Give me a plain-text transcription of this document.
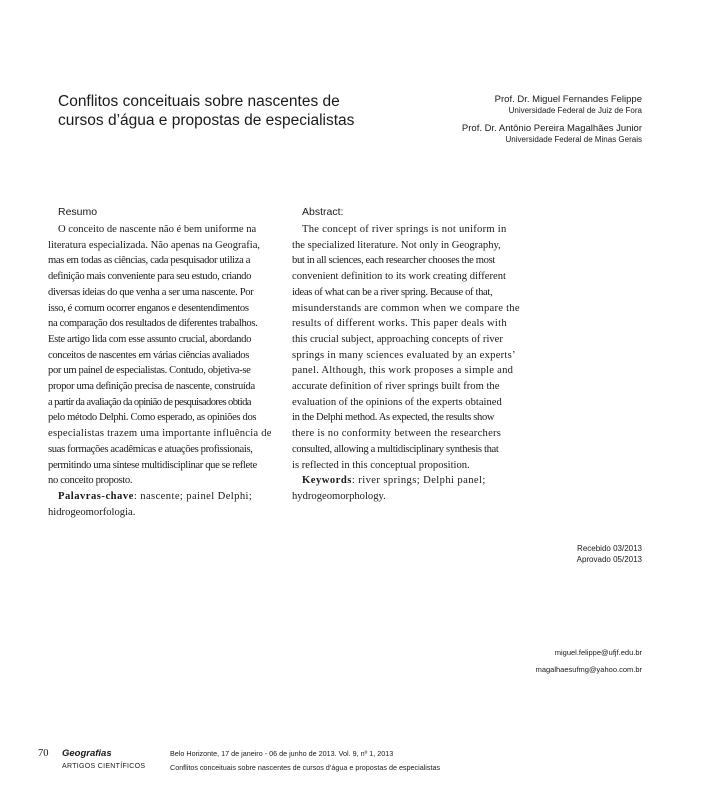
Conflitos conceituais sobre nascentes de
cursos d’água e propostas de especialistas
Prof. Dr. Miguel Fernandes Felippe
Universidade Federal de Juiz de Fora
Prof. Dr. Antônio Pereira Magalhães Junior
Universidade Federal de Minas Gerais
Resumo
O conceito de nascente não é bem uniforme na
literatura especializada. Não apenas na Geografia,
mas em todas as ciências, cada pesquisador utiliza a
definição mais conveniente para seu estudo, criando
diversas ideias do que venha a ser uma nascente. Por
isso, é comum ocorrer enganos e desentendimentos
na comparação dos resultados de diferentes trabalhos.
Este artigo lida com esse assunto crucial, abordando
conceitos de nascentes em várias ciências avaliados
por um painel de especialistas. Contudo, objetiva-se
propor uma definição precisa de nascente, construída
a partir da avaliação da opinião de pesquisadores obtida
pelo método Delphi. Como esperado, as opiniões dos
especialistas trazem uma importante influência de
suas formações acadêmicas e atuações profissionais,
permitindo uma síntese multidisciplinar que se reflete
no conceito proposto.
Palavras-chave: nascente; painel Delphi;
hidrogeomorfologia.
Abstract:
The concept of river springs is not uniform in
the specialized literature. Not only in Geography,
but in all sciences, each researcher chooses the most
convenient definition to its work creating different
ideas of what can be a river spring. Because of that,
misunderstands are common when we compare the
results of different works. This paper deals with
this crucial subject, approaching concepts of river
springs in many sciences evaluated by an experts’
panel. Although, this work proposes a simple and
accurate definition of river springs built from the
evaluation of the opinions of the experts obtained
in the Delphi method. As expected, the results show
there is no conformity between the researchers
consulted, allowing a multidisciplinary synthesis that
is reflected in this conceptual proposition.
Keywords: river springs; Delphi panel;
hydrogeomorphology.
Recebido 03/2013
Aprovado 05/2013
miguel.felippe@ufjf.edu.br
magalhaesufmg@yahoo.com.br
70 Geografias
ARTIGOS CIENTÍFICOS
Belo Horizonte, 17 de janeiro - 06 de junho de 2013. Vol. 9, nº 1, 2013
Conflitos conceituais sobre nascentes de cursos d’água e propostas de especialistas
